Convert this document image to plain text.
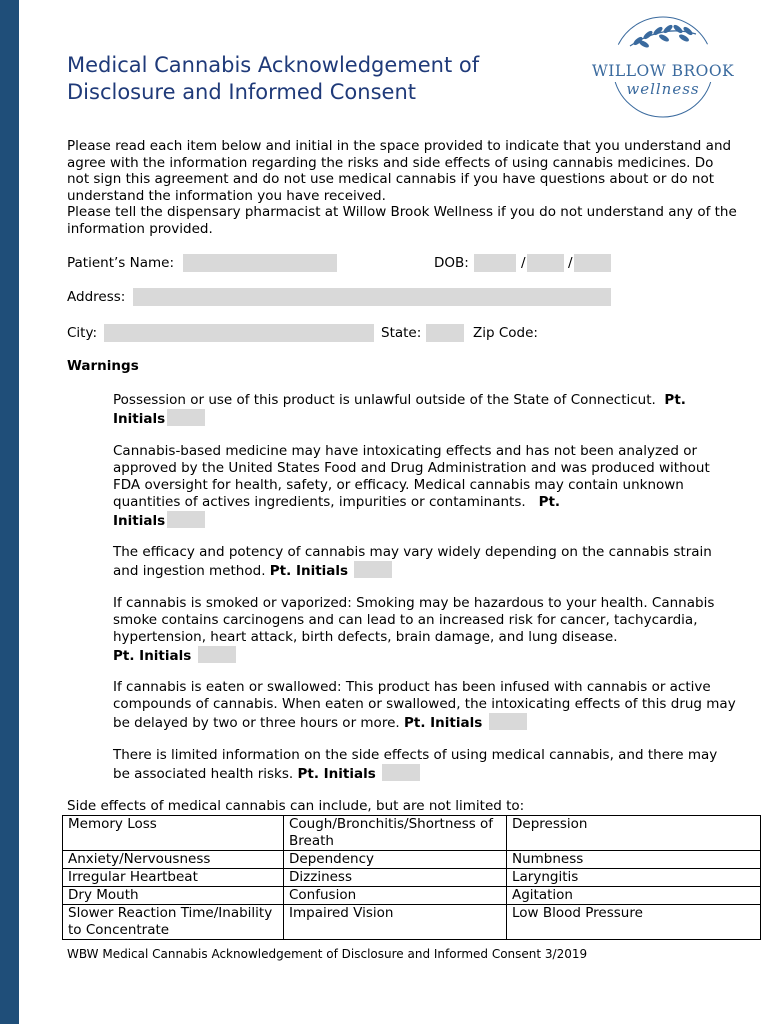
Medical Cannabis Acknowledgement of
Disclosure and Informed Consent
WILLOW BROOK
wellness

Please read each item below and initial in the space provided to indicate that you understand and agree with the information regarding the risks and side effects of using cannabis medicines. Do not sign this agreement and do not use medical cannabis if you have questions about or do not understand the information you have received.
Please tell the dispensary pharmacist at Willow Brook Wellness if you do not understand any of the information provided.

Patient’s Name:	DOB:	/	/
Address:
City:	State:	Zip Code:
Warnings

Possession or use of this product is unlawful outside of the State of Connecticut. Pt.
Initials

Cannabis-based medicine may have intoxicating effects and has not been analyzed or approved by the United States Food and Drug Administration and was produced without FDA oversight for health, safety, or efficacy. Medical cannabis may contain unknown quantities of actives ingredients, impurities or contaminants. Pt.
Initials

The efficacy and potency of cannabis may vary widely depending on the cannabis strain and ingestion method. Pt. Initials

If cannabis is smoked or vaporized: Smoking may be hazardous to your health. Cannabis smoke contains carcinogens and can lead to an increased risk for cancer, tachycardia, hypertension, heart attack, birth defects, brain damage, and lung disease.
Pt. Initials

If cannabis is eaten or swallowed: This product has been infused with cannabis or active compounds of cannabis. When eaten or swallowed, the intoxicating effects of this drug may be delayed by two or three hours or more. Pt. Initials

There is limited information on the side effects of using medical cannabis, and there may be associated health risks. Pt. Initials

Side effects of medical cannabis can include, but are not limited to:
Memory Loss	Cough/Bronchitis/Shortness of Breath	Depression
Anxiety/Nervousness	Dependency	Numbness
Irregular Heartbeat	Dizziness	Laryngitis
Dry Mouth	Confusion	Agitation
Slower Reaction Time/Inability to Concentrate	Impaired Vision	Low Blood Pressure
WBW Medical Cannabis Acknowledgement of Disclosure and Informed Consent 3/2019
